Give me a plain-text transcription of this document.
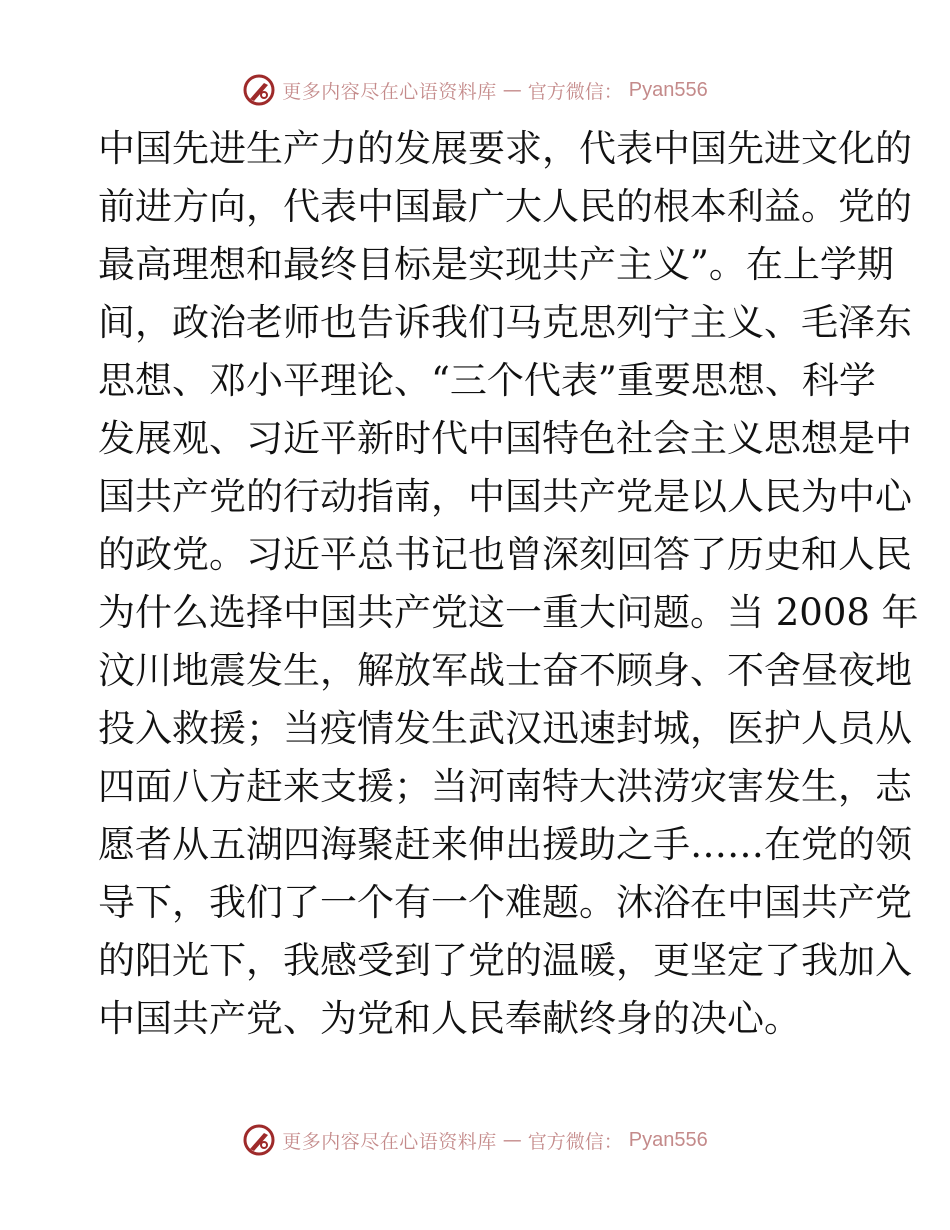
更多内容尽在心语资料库 — 官方微信： Pyan556
中国先进生产力的发展要求，代表中国先进文化的
前进方向，代表中国最广大人民的根本利益。党的
最高理想和最终目标是实现共产主义”。在上学期
间，政治老师也告诉我们马克思列宁主义、毛泽东
思想、邓小平理论、“三个代表”重要思想、科学
发展观、习近平新时代中国特色社会主义思想是中
国共产党的行动指南，中国共产党是以人民为中心
的政党。习近平总书记也曾深刻回答了历史和人民
为什么选择中国共产党这一重大问题。当 2008 年
汶川地震发生，解放军战士奋不顾身、不舍昼夜地
投入救援；当疫情发生武汉迅速封城，医护人员从
四面八方赶来支援；当河南特大洪涝灾害发生，志
愿者从五湖四海聚赶来伸出援助之手……在党的领
导下，我们了一个有一个难题。沐浴在中国共产党
的阳光下，我感受到了党的温暖，更坚定了我加入
中国共产党、为党和人民奉献终身的决心。
更多内容尽在心语资料库 — 官方微信： Pyan556
